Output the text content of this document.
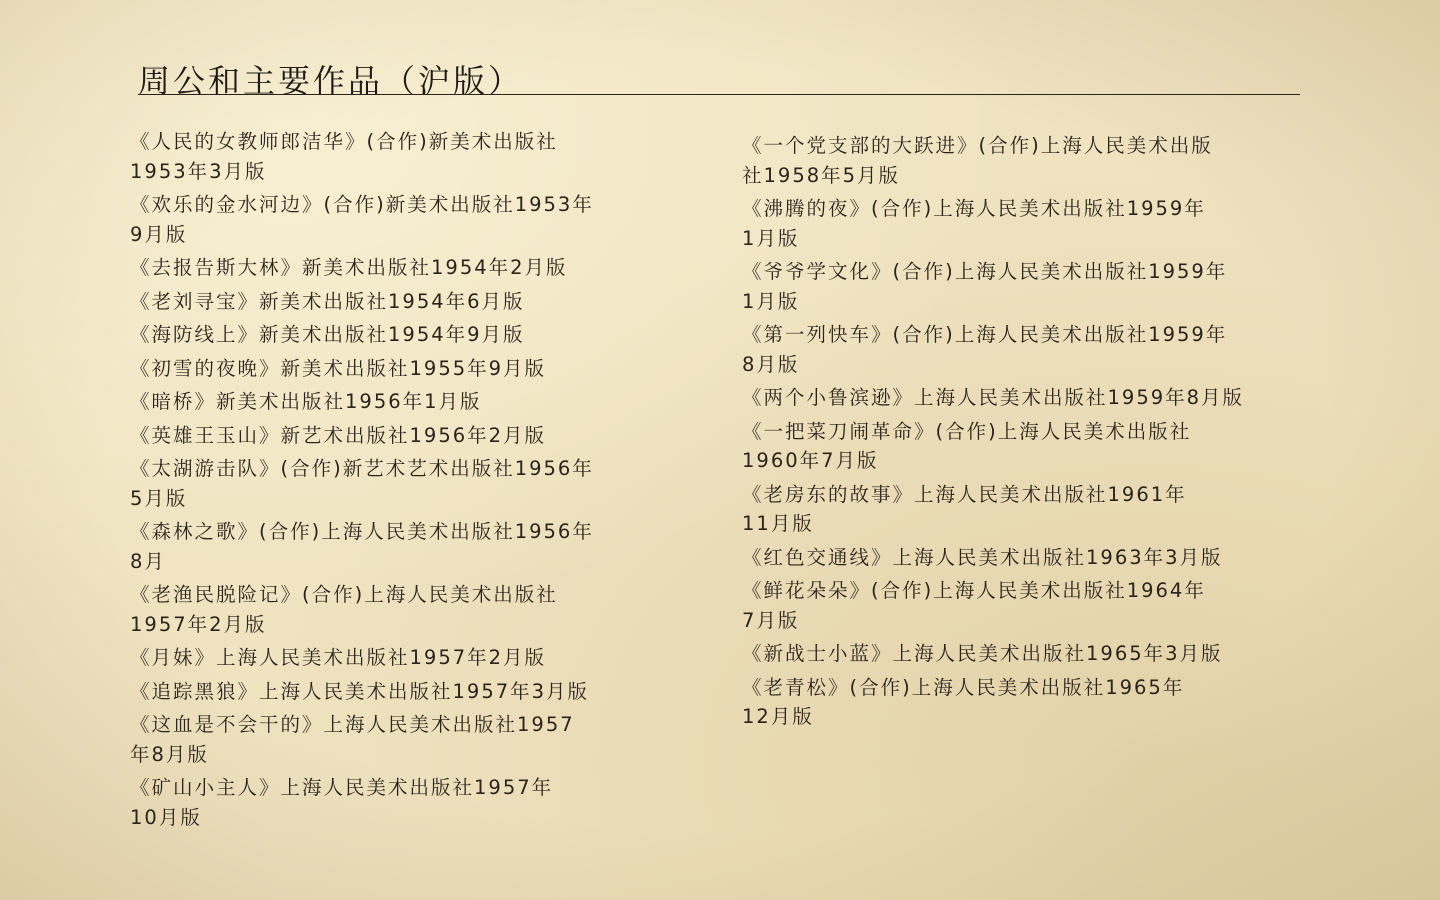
周公和主要作品（沪版）
《人民的女教师郎洁华》(合作)新美术出版社
1953年3月版
《欢乐的金水河边》(合作)新美术出版社1953年
9月版
《去报告斯大林》新美术出版社1954年2月版
《老刘寻宝》新美术出版社1954年6月版
《海防线上》新美术出版社1954年9月版
《初雪的夜晚》新美术出版社1955年9月版
《暗桥》新美术出版社1956年1月版
《英雄王玉山》新艺术出版社1956年2月版
《太湖游击队》(合作)新艺术艺术出版社1956年
5月版
《森林之歌》(合作)上海人民美术出版社1956年
8月
《老渔民脱险记》(合作)上海人民美术出版社
1957年2月版
《月妹》上海人民美术出版社1957年2月版
《追踪黑狼》上海人民美术出版社1957年3月版
《这血是不会干的》上海人民美术出版社1957
年8月版
《矿山小主人》上海人民美术出版社1957年
10月版
《一个党支部的大跃进》(合作)上海人民美术出版
社1958年5月版
《沸腾的夜》(合作)上海人民美术出版社1959年
1月版
《爷爷学文化》(合作)上海人民美术出版社1959年
1月版
《第一列快车》(合作)上海人民美术出版社1959年
8月版
《两个小鲁滨逊》上海人民美术出版社1959年8月版
《一把菜刀闹革命》(合作)上海人民美术出版社
1960年7月版
《老房东的故事》上海人民美术出版社1961年
11月版
《红色交通线》上海人民美术出版社1963年3月版
《鲜花朵朵》(合作)上海人民美术出版社1964年
7月版
《新战士小蓝》上海人民美术出版社1965年3月版
《老青松》(合作)上海人民美术出版社1965年
12月版
